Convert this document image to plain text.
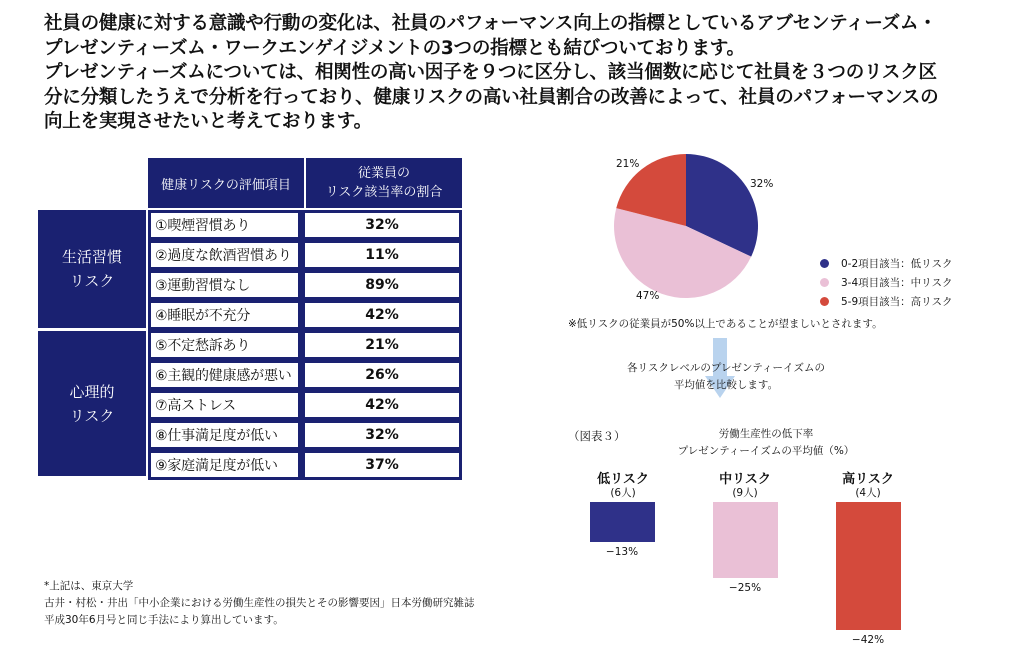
社員の健康に対する意識や行動の変化は、社員のパフォーマンス向上の指標としているアブセンティーズム・

プレゼンティーズム・ワークエンゲイジメントの3つの指標とも結びついております。

プレゼンティーズムについては、相関性の高い因子を９つに区分し、該当個数に応じて社員を３つのリスク区

分に分類したうえで分析を行っており、健康リスクの高い社員割合の改善によって、社員のパフォーマンスの

向上を実現させたいと考えております。

健康リスクの評価項目
従業員の
リスク該当率の割合
生活習慣
リスク
心理的
リスク
①喫煙習慣あり	32%
②過度な飲酒習慣あり	11%
③運動習慣なし	89%
④睡眠が不充分	42%
⑤不定愁訴あり	21%
⑥主観的健康感が悪い	26%
⑦高ストレス	42%
⑧仕事満足度が低い	32%
⑨家庭満足度が低い	37%
*上記は、東京大学
古井・村松・井出「中小企業における労働生産性の損失とその影響要因」日本労働研究雑誌
平成30年6月号と同じ手法により算出しています。
32%
47%
21%
0-2項目該当：低リスク
3-4項目該当：中リスク
5-9項目該当：高リスク
※低リスクの従業員が50%以上であることが望ましいとされます。
各リスクレベルのプレゼンティーイズムの
平均値を比較します。
（図表３）	労働生産性の低下率
プレゼンティーイズムの平均値（%）
低リスク
(6人)
中リスク
(9人)
高リスク
(4人)
−13%
−25%
−42%
